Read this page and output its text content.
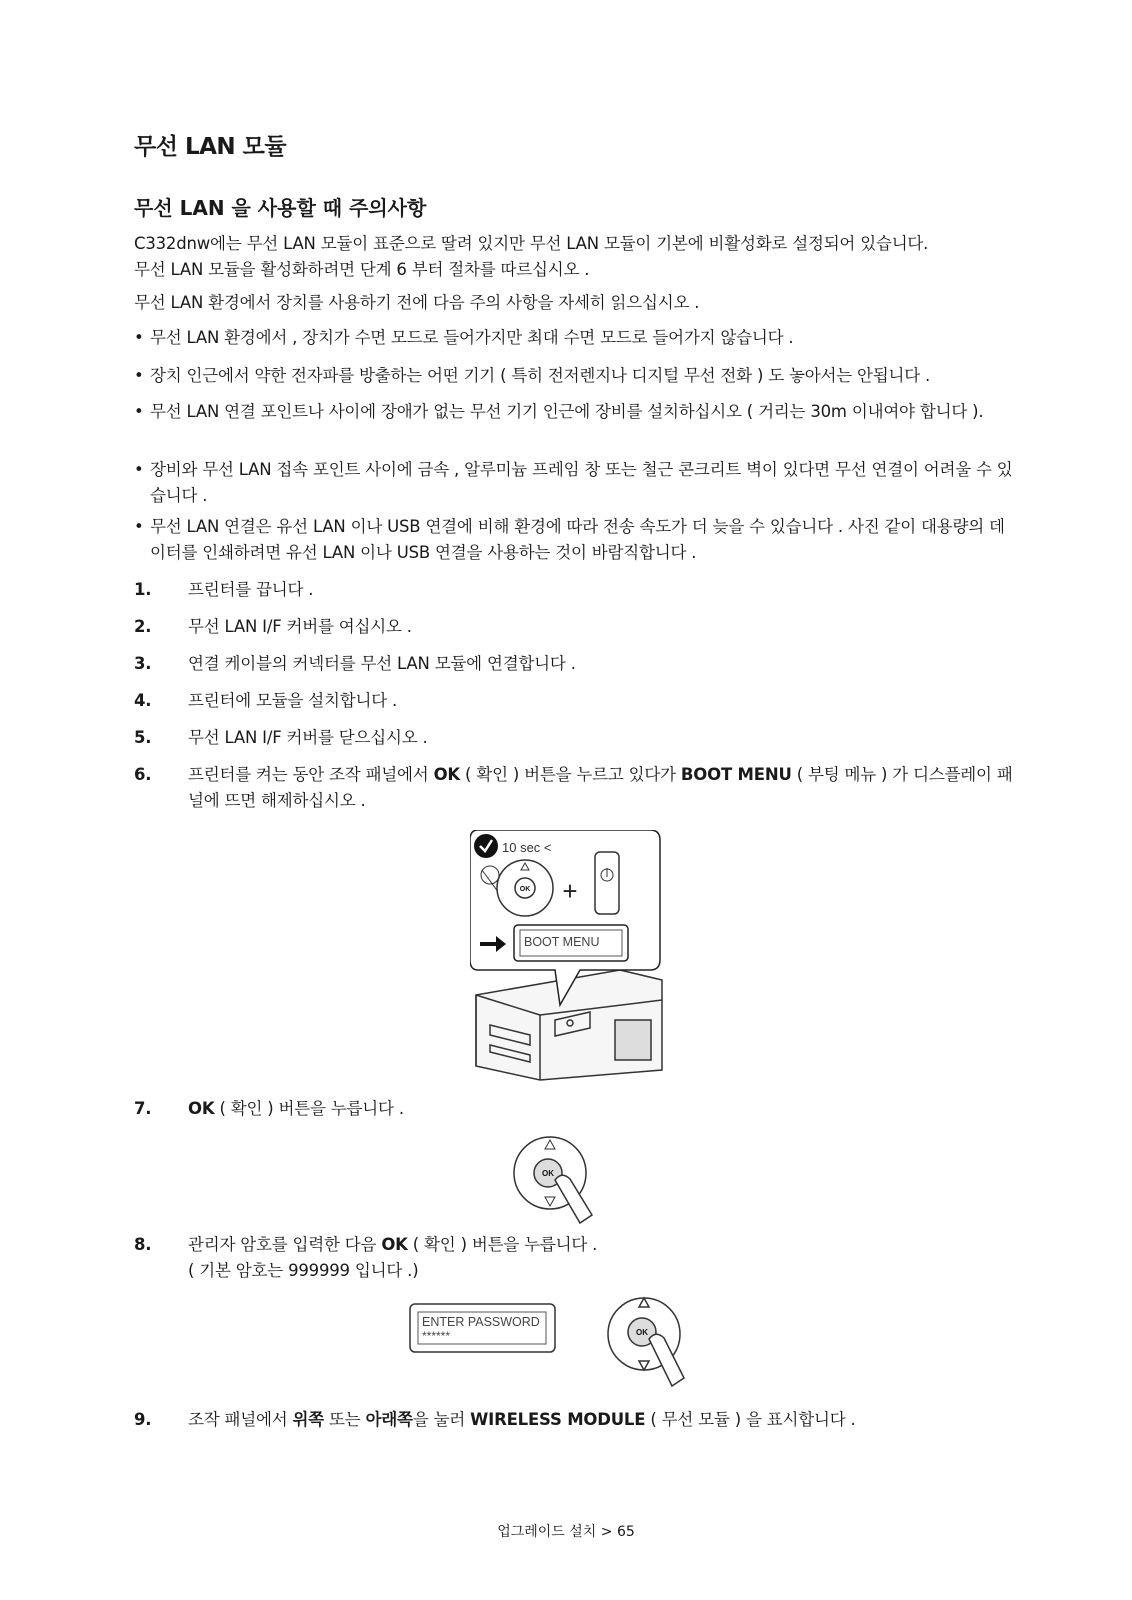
무선 LAN 모듈
무선 LAN 을 사용할 때 주의사항
C332dnw에는 무선 LAN 모듈이 표준으로 딸려 있지만 무선 LAN 모듈이 기본에 비활성화로 설정되어 있습니다.
무선 LAN 모듈을 활성화하려면 단계 6 부터 절차를 따르십시오 .
무선 LAN 환경에서 장치를 사용하기 전에 다음 주의 사항을 자세히 읽으십시오 .
• 무선 LAN 환경에서 , 장치가 수면 모드로 들어가지만 최대 수면 모드로 들어가지 않습니다 .
• 장치 인근에서 약한 전자파를 방출하는 어떤 기기 ( 특히 전저렌지나 디지털 무선 전화 ) 도 놓아서는 안됩니다 .
• 무선 LAN 연결 포인트나 사이에 장애가 없는 무선 기기 인근에 장비를 설치하십시오 ( 거리는 30m 이내여야 합니다 ).
• 장비와 무선 LAN 접속 포인트 사이에 금속 , 알루미늄 프레임 창 또는 철근 콘크리트 벽이 있다면 무선 연결이 어려울 수 있습니다 .
• 무선 LAN 연결은 유선 LAN 이나 USB 연결에 비해 환경에 따라 전송 속도가 더 늦을 수 있습니다 . 사진 같이 대용량의 데이터를 인쇄하려면 유선 LAN 이나 USB 연결을 사용하는 것이 바람직합니다 .
1. 프린터를 끕니다 .
2. 무선 LAN I/F 커버를 여십시오 .
3. 연결 케이블의 커넥터를 무선 LAN 모듈에 연결합니다 .
4. 프린터에 모듈을 설치합니다 .
5. 무선 LAN I/F 커버를 닫으십시오 .
6. 프린터를 켜는 동안 조작 패널에서 OK ( 확인 ) 버튼을 누르고 있다가 BOOT MENU ( 부팅 메뉴 ) 가 디스플레이 패널에 뜨면 해제하십시오 .
10 sec <
OK +
BOOT MENU
7. OK ( 확인 ) 버튼을 누릅니다 .
OK
8. 관리자 암호를 입력한 다음 OK ( 확인 ) 버튼을 누릅니다 .
( 기본 암호는 999999 입니다 .)
ENTER PASSWORD
******	OK
9. 조작 패널에서 위쪽 또는 아래쪽을 눌러 WIRELESS MODULE ( 무선 모듈 ) 을 표시합니다 .
업그레이드 설치 > 65
